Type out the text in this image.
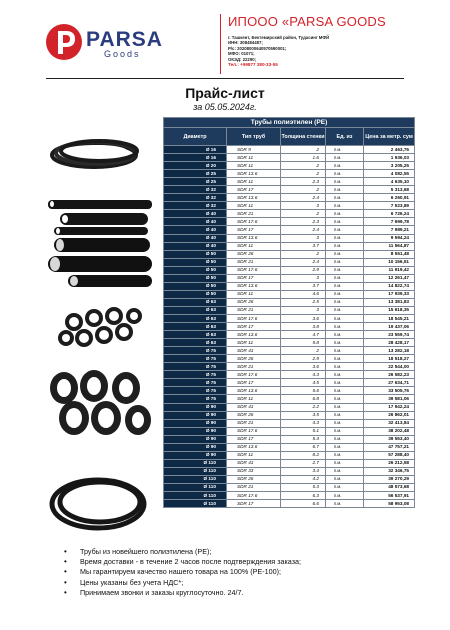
PARSA
Goods
ИПООО «PARSA GOODS
г. Ташкент, Бектемирский район, Тудасинг МФЙ
ИНН: 308484487;
Р/с: 20208000640570590001;
МФО: 01071;
ОКЭД: 22290;
Тел.: +99877 380-33-55
Прайс-лист
за 05.05.2024г.
Трубы полиэтилен (PE)				
Диаметр	Тип труб	Толщина стенки	Ед. из	Цена за метр. сум
Ø 16	SDR 9	2	п.м.	2 463,76
Ø 16	SDR 11	1.6	п.м.	1 936,03
Ø 20	SDR 11	2	п.м.	3 205,25
Ø 25	SDR 13.6	2	п.м.	4 082,55
Ø 25	SDR 11	2.3	п.м.	4 635,10
Ø 32	SDR 17	2	п.м.	5 313,68
Ø 32	SDR 13.6	2.4	п.м.	6 260,91
Ø 32	SDR 11	3	п.м.	7 523,89
Ø 40	SDR 21	2	п.м.	6 726,24
Ø 40	SDR 17.6	2.3	п.м.	7 699,78
Ø 40	SDR 17	2.4	п.м.	7 989,21
Ø 40	SDR 13.6	3	п.м.	9 594,24
Ø 40	SDR 11	3.7	п.м.	11 564,87
Ø 50	SDR 26	2	п.м.	8 551,48
Ø 50	SDR 21	2.4	п.м.	10 156,51
Ø 50	SDR 17.6	2.9	п.м.	11 919,42
Ø 50	SDR 17	3	п.м.	12 261,47
Ø 50	SDR 13.6	3.7	п.м.	14 822,74
Ø 50	SDR 11	4.6	п.м.	17 939,33
Ø 63	SDR 26	2.5	п.м.	13 381,83
Ø 63	SDR 21	3	п.м.	15 618,35
Ø 63	SDR 17.6	3.6	п.м.	18 545,21
Ø 63	SDR 17	3.8	п.м.	19 437,06
Ø 63	SDR 13.6	4.7	п.м.	23 559,74
Ø 63	SDR 11	5.8	п.м.	28 428,17
Ø 75	SDR 41	2	п.м.	13 282,18
Ø 75	SDR 26	2.9	п.м.	18 518,27
Ø 75	SDR 21	3.6	п.м.	22 544,00
Ø 75	SDR 17.6	4.3	п.м.	26 582,23
Ø 75	SDR 17	4.5	п.м.	27 634,71
Ø 75	SDR 13.6	5.6	п.м.	33 505,76
Ø 75	SDR 11	6.8	п.м.	39 581,06
Ø 90	SDR 41	2.2	п.м.	17 942,24
Ø 90	SDR 26	3.5	п.м.	26 862,01
Ø 90	SDR 21	4.3	п.м.	32 413,84
Ø 90	SDR 17.6	5.1	п.м.	38 202,48
Ø 90	SDR 17	5.4	п.м.	39 553,40
Ø 90	SDR 13.6	6.7	п.м.	47 757,21
Ø 90	SDR 11	8.2	п.м.	57 288,40
Ø 110	SDR 41	2.7	п.м.	26 212,58
Ø 110	SDR 33	3.4	п.м.	32 346,75
Ø 110	SDR 26	4.2	п.м.	39 270,29
Ø 110	SDR 21	5.3	п.м.	48 573,68
Ø 110	SDR 17.6	6.3	п.м.	56 537,91
Ø 110	SDR 17	6.6	п.м.	58 953,08
• Трубы из новейшего полиэтилена (PE);
• Время доставки - в течение 2 часов после подтверждения заказа;
• Мы гарантируем качество нашего товара на 100% (PE-100);
• Цены указаны без учета НДС*;
• Принимаем звонки и заказы круглосуточно. 24/7.
